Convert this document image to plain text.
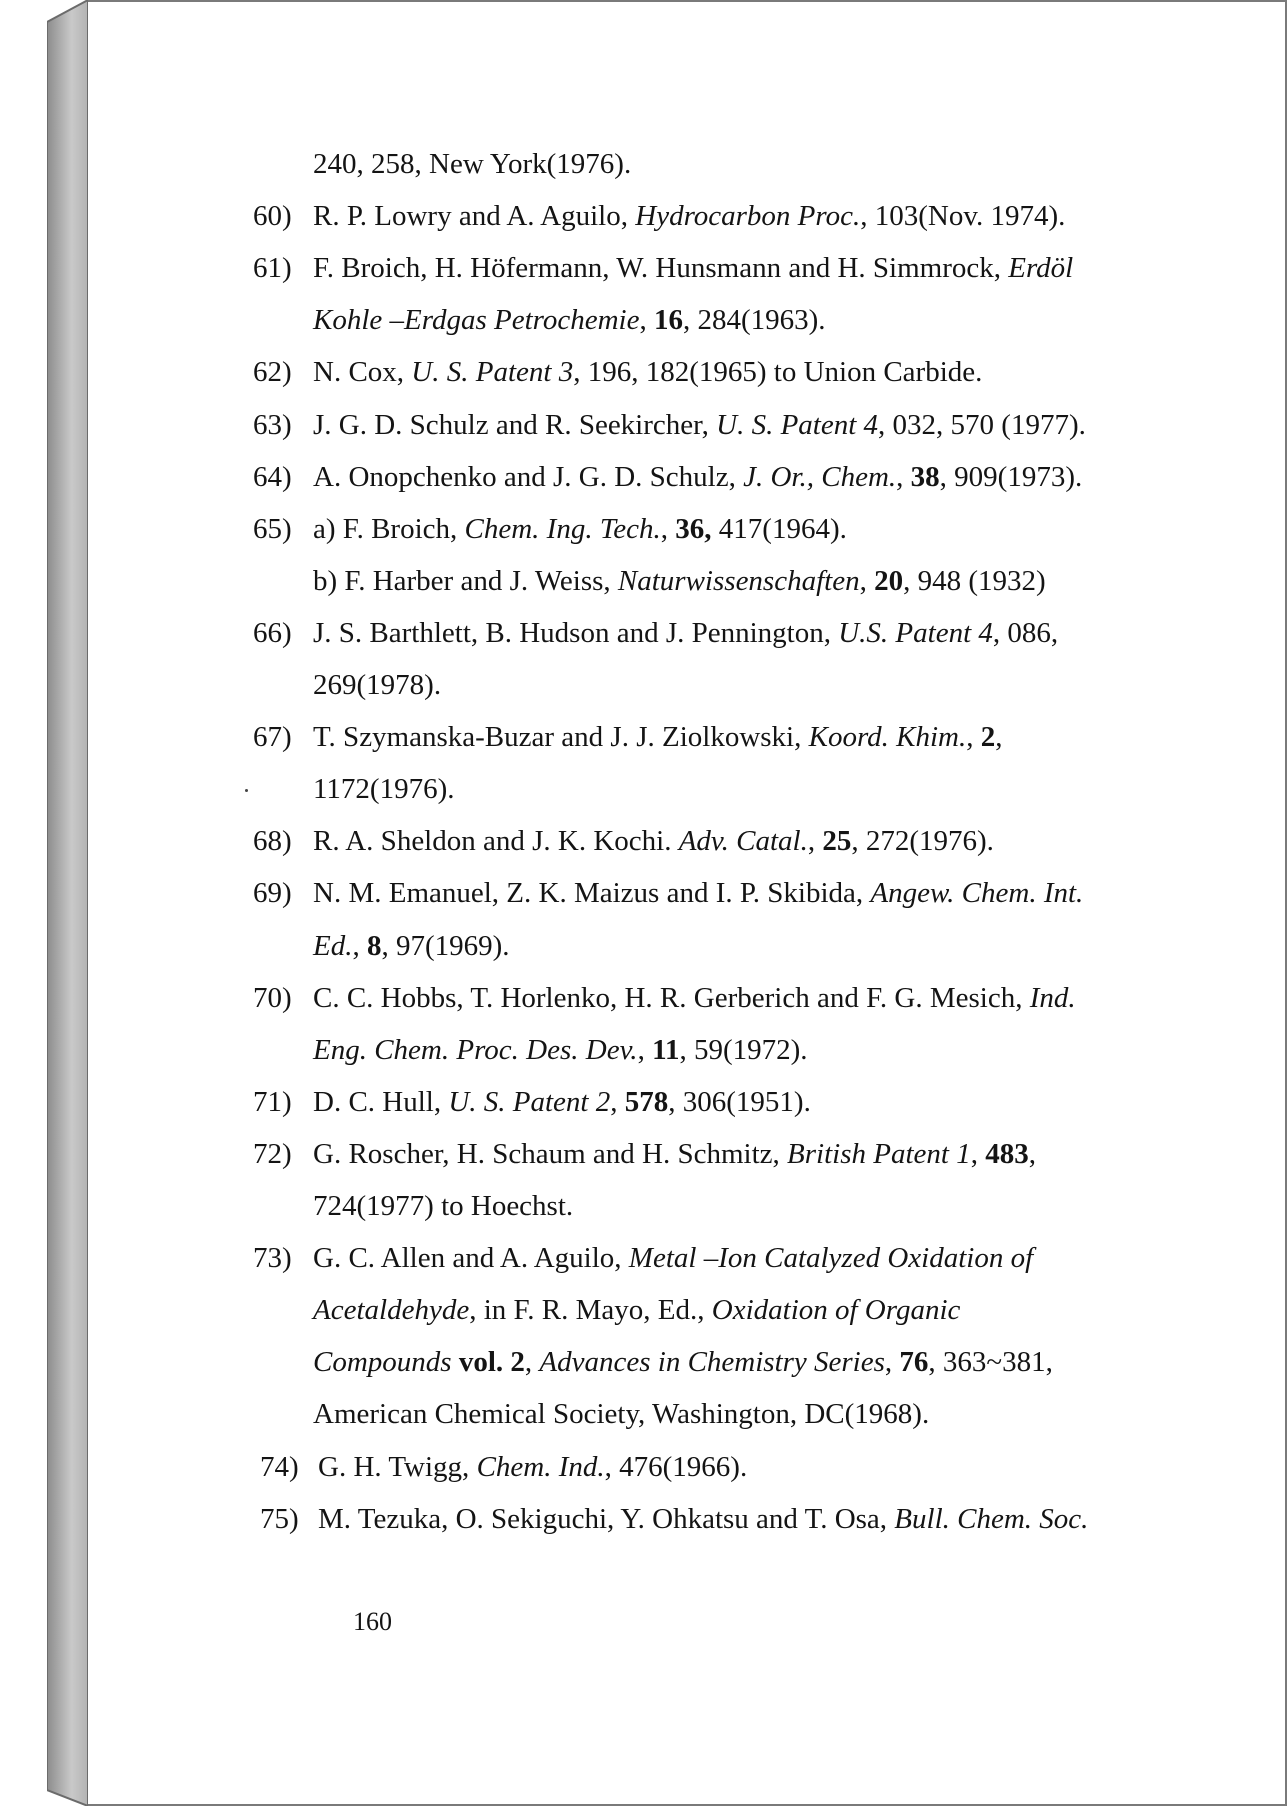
240, 258, New York(1976).
60) R. P. Lowry and A. Aguilo, Hydrocarbon Proc., 103(Nov. 1974).
61) F. Broich, H. Höfermann, W. Hunsmann and H. Simmrock, Erdöl
Kohle –Erdgas Petrochemie, 16, 284(1963).
62) N. Cox, U. S. Patent 3, 196, 182(1965) to Union Carbide.
63) J. G. D. Schulz and R. Seekircher, U. S. Patent 4, 032, 570 (1977).
64) A. Onopchenko and J. G. D. Schulz, J. Or., Chem., 38, 909(1973).
65) a) F. Broich, Chem. Ing. Tech., 36, 417(1964).
b) F. Harber and J. Weiss, Naturwissenschaften, 20, 948 (1932)
66) J. S. Barthlett, B. Hudson and J. Pennington, U.S. Patent 4, 086,
269(1978).
67) T. Szymanska-Buzar and J. J. Ziolkowski, Koord. Khim., 2,
1172(1976).
68) R. A. Sheldon and J. K. Kochi. Adv. Catal., 25, 272(1976).
69) N. M. Emanuel, Z. K. Maizus and I. P. Skibida, Angew. Chem. Int.
Ed., 8, 97(1969).
70) C. C. Hobbs, T. Horlenko, H. R. Gerberich and F. G. Mesich, Ind.
Eng. Chem. Proc. Des. Dev., 11, 59(1972).
71) D. C. Hull, U. S. Patent 2, 578, 306(1951).
72) G. Roscher, H. Schaum and H. Schmitz, British Patent 1, 483,
724(1977) to Hoechst.
73) G. C. Allen and A. Aguilo, Metal –Ion Catalyzed Oxidation of
Acetaldehyde, in F. R. Mayo, Ed., Oxidation of Organic
Compounds vol. 2, Advances in Chemistry Series, 76, 363~381,
American Chemical Society, Washington, DC(1968).
74) G. H. Twigg, Chem. Ind., 476(1966).
75) M. Tezuka, O. Sekiguchi, Y. Ohkatsu and T. Osa, Bull. Chem. Soc.
160
